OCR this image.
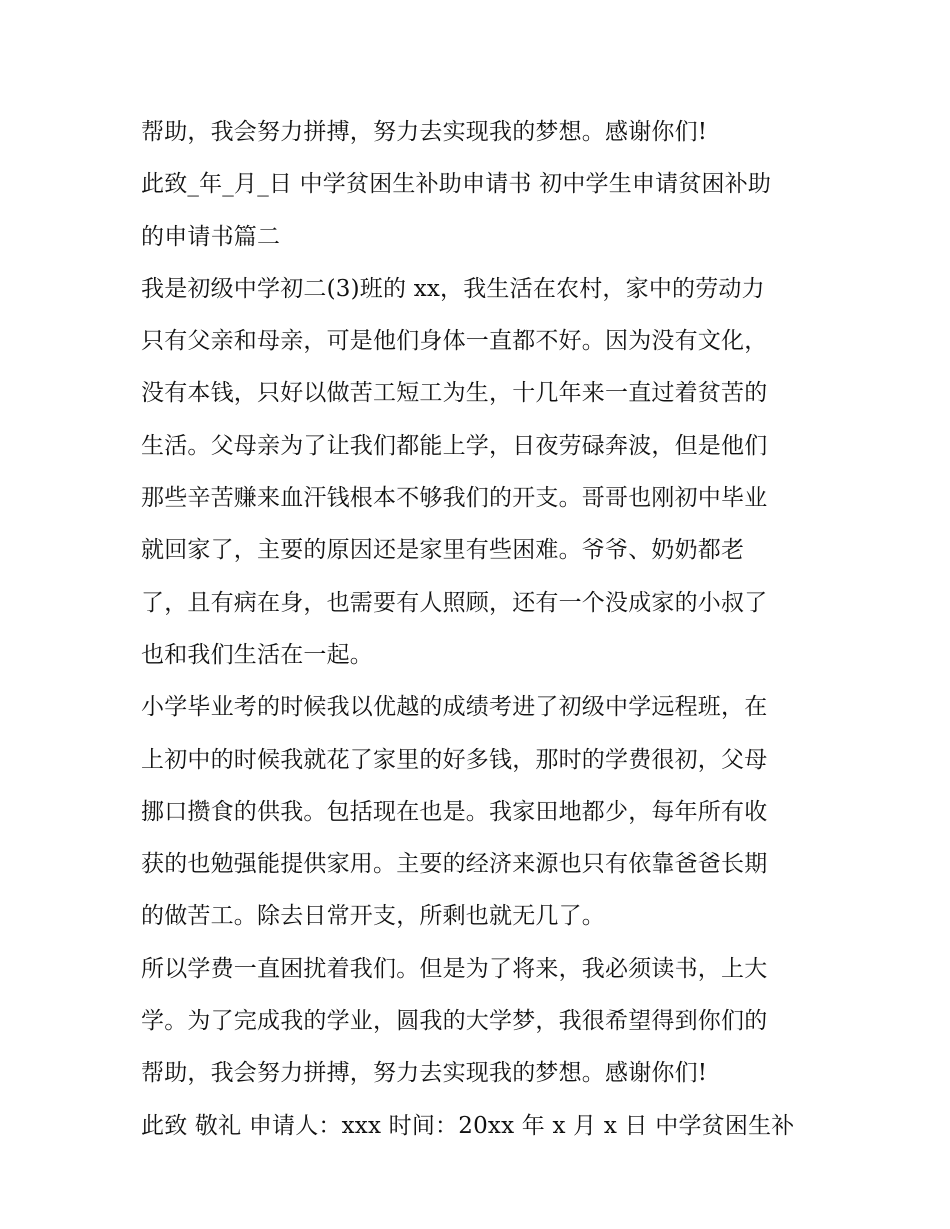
帮助，我会努力拼搏，努力去实现我的梦想。感谢你们!
此致_年_月_日 中学贫困生补助申请书 初中学生申请贫困补助
的申请书篇二
我是初级中学初二(3)班的 xx，我生活在农村，家中的劳动力
只有父亲和母亲，可是他们身体一直都不好。因为没有文化，
没有本钱，只好以做苦工短工为生，十几年来一直过着贫苦的
生活。父母亲为了让我们都能上学，日夜劳碌奔波，但是他们
那些辛苦赚来血汗钱根本不够我们的开支。哥哥也刚初中毕业
就回家了，主要的原因还是家里有些困难。爷爷、奶奶都老
了，且有病在身，也需要有人照顾，还有一个没成家的小叔了
也和我们生活在一起。
小学毕业考的时候我以优越的成绩考进了初级中学远程班，在
上初中的时候我就花了家里的好多钱，那时的学费很初，父母
挪口攒食的供我。包括现在也是。我家田地都少，每年所有收
获的也勉强能提供家用。主要的经济来源也只有依靠爸爸长期
的做苦工。除去日常开支，所剩也就无几了。
所以学费一直困扰着我们。但是为了将来，我必须读书，上大
学。为了完成我的学业，圆我的大学梦，我很希望得到你们的
帮助，我会努力拼搏，努力去实现我的梦想。感谢你们!
此致 敬礼 申请人：xxx 时间：20xx 年 x 月 x 日 中学贫困生补
